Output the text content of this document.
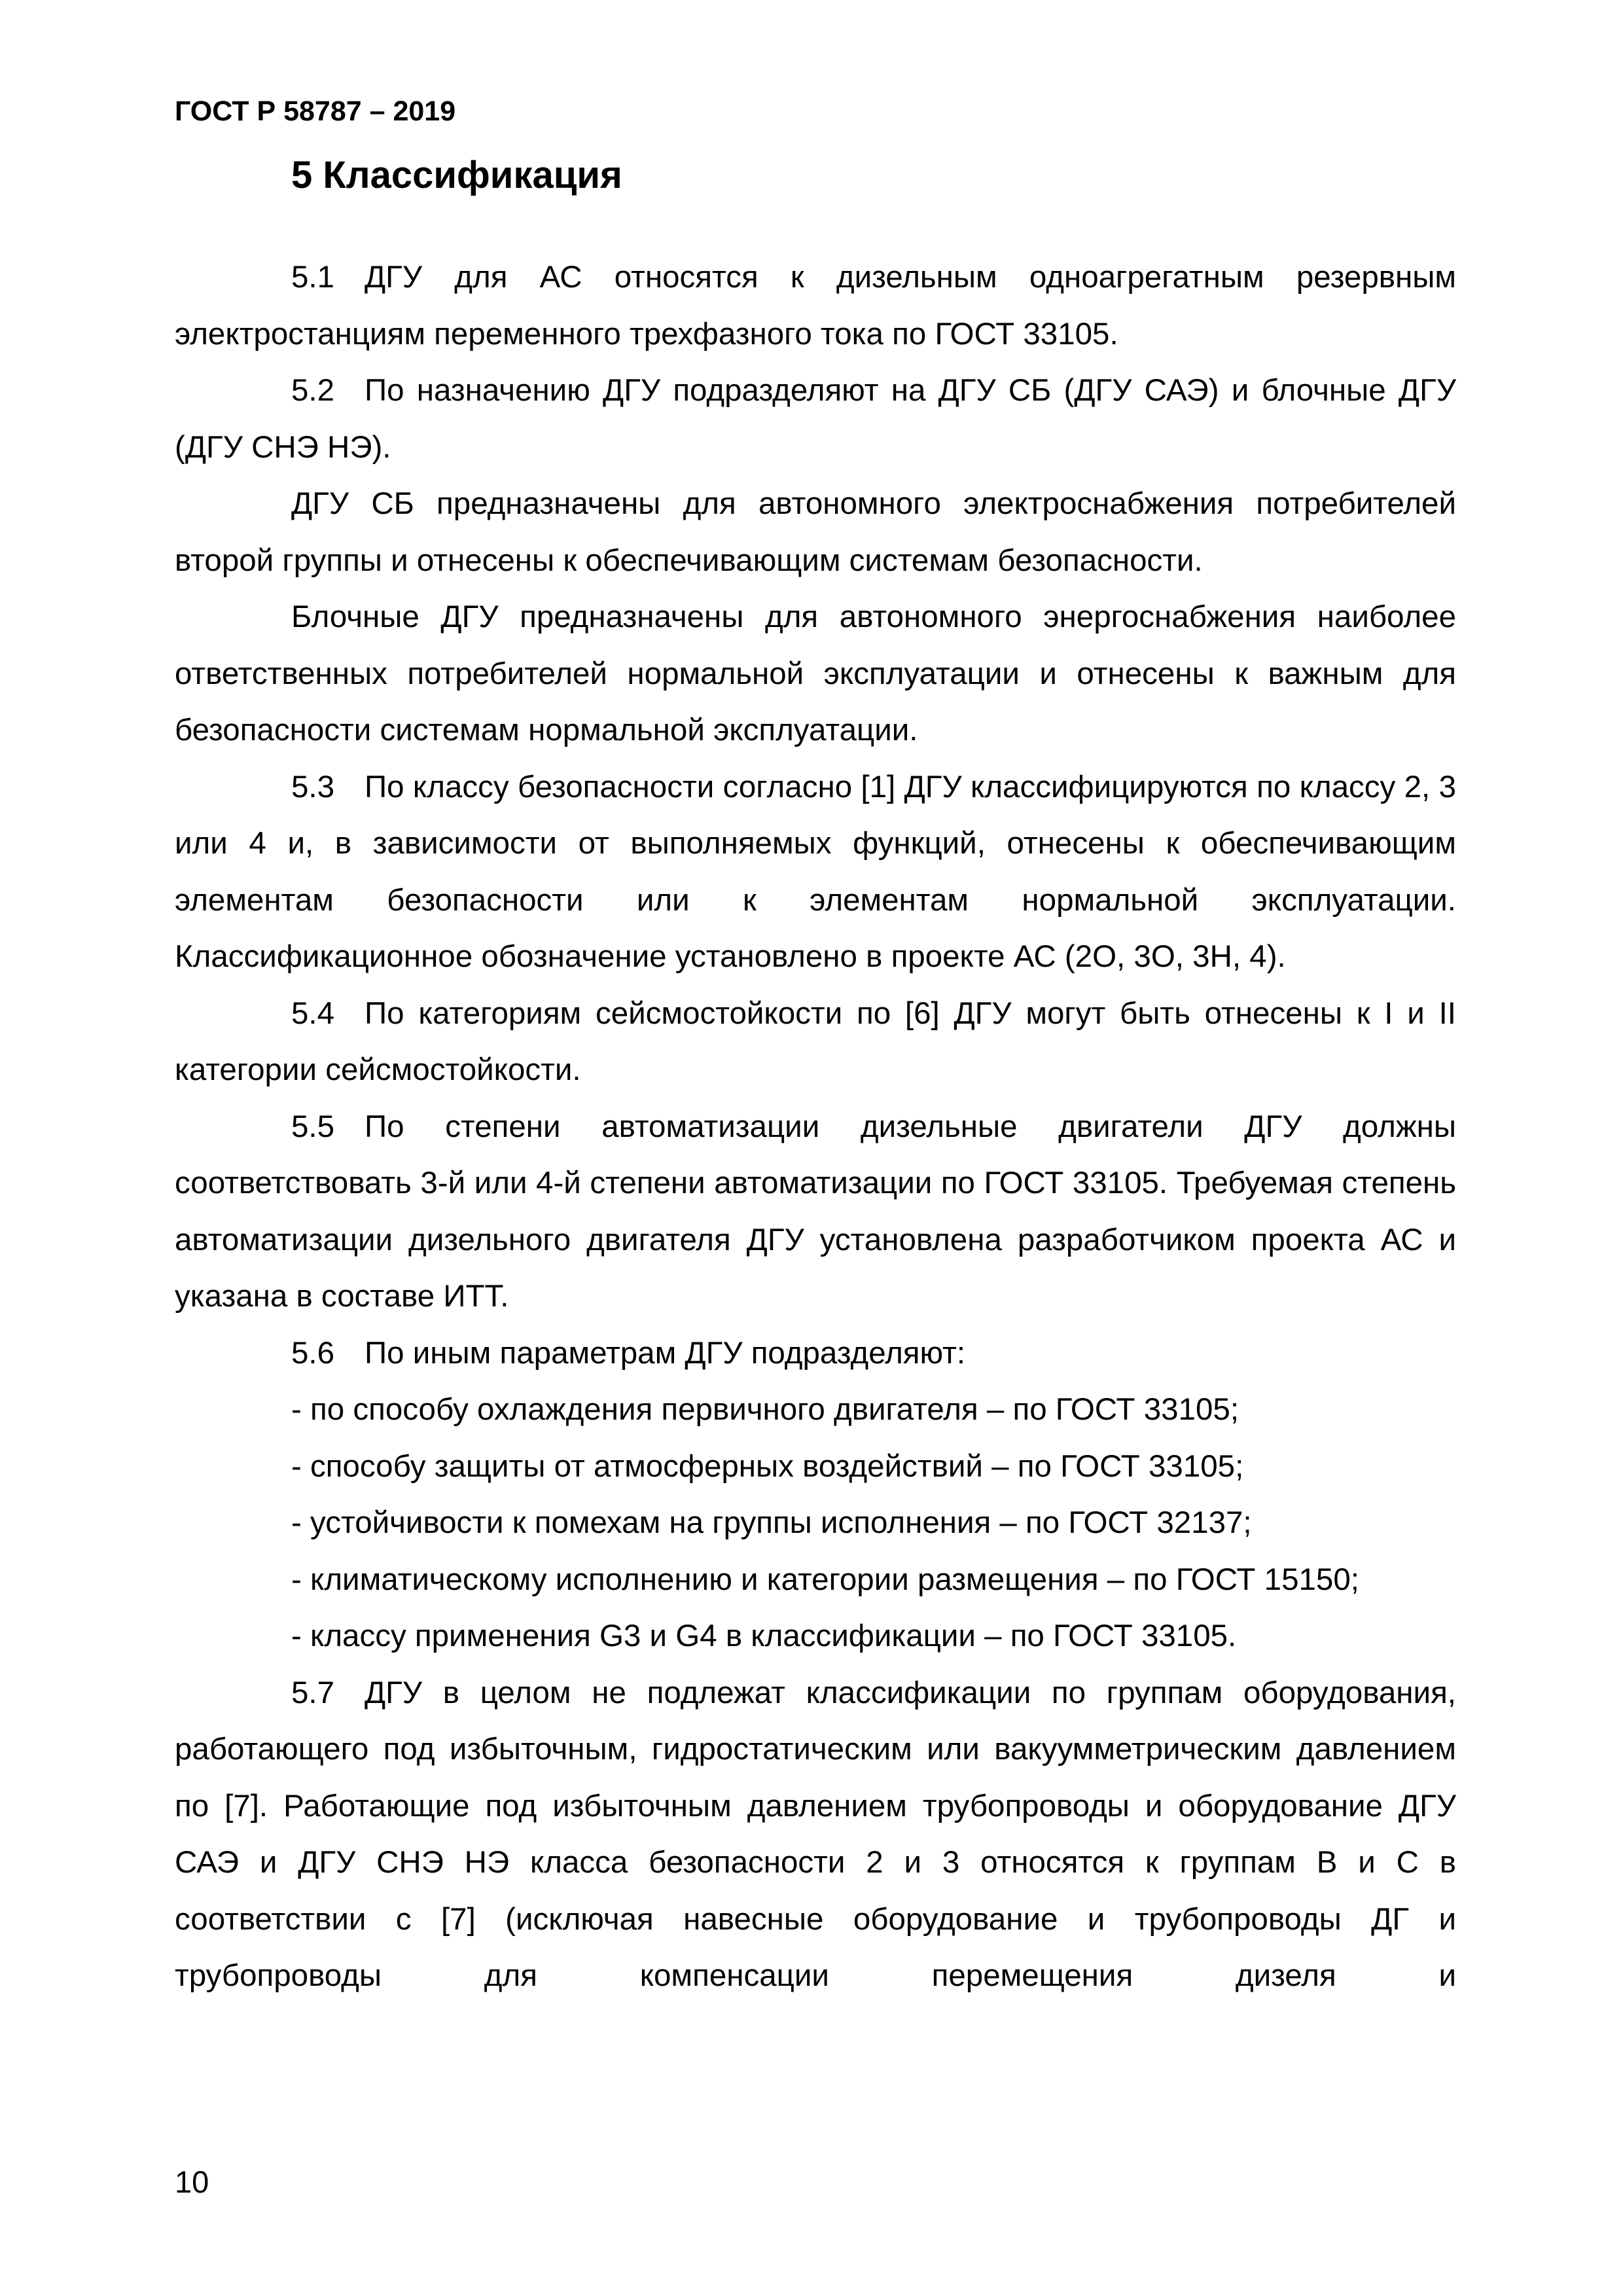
ГОСТ Р 58787 – 2019
5 Классификация

5.1 ДГУ для АС относятся к дизельным одноагрегатным резервным электростанциям переменного трехфазного тока по ГОСТ 33105.

5.2 По назначению ДГУ подразделяют на ДГУ СБ (ДГУ САЭ) и блочные ДГУ (ДГУ СНЭ НЭ).

ДГУ СБ предназначены для автономного электроснабжения потребителей второй группы и отнесены к обеспечивающим системам безопасности.

Блочные ДГУ предназначены для автономного энергоснабжения наиболее ответственных потребителей нормальной эксплуатации и отнесены к важным для безопасности системам нормальной эксплуатации.

5.3 По классу безопасности согласно [1] ДГУ классифицируются по классу 2, 3 или 4 и, в зависимости от выполняемых функций, отнесены к обеспечивающим элементам безопасности или к элементам нормальной эксплуатации. Классификационное обозначение установлено в проекте АС (2О, 3О, 3Н, 4).

5.4 По категориям сейсмостойкости по [6] ДГУ могут быть отнесены к I и II категории сейсмостойкости.

5.5 По степени автоматизации дизельные двигатели ДГУ должны соответствовать 3-й или 4-й степени автоматизации по ГОСТ 33105. Требуемая степень автоматизации дизельного двигателя ДГУ установлена разработчиком проекта АС и указана в составе ИТТ.

5.6 По иным параметрам ДГУ подразделяют:

- по способу охлаждения первичного двигателя – по ГОСТ 33105;

- способу защиты от атмосферных воздействий – по ГОСТ 33105;

- устойчивости к помехам на группы исполнения – по ГОСТ 32137;

- климатическому исполнению и категории размещения – по ГОСТ 15150;

- классу применения G3 и G4 в классификации – по ГОСТ 33105.

5.7 ДГУ в целом не подлежат классификации по группам оборудования, работающего под избыточным, гидростатическим или вакуумметрическим давлением по [7]. Работающие под избыточным давлением трубопроводы и оборудование ДГУ САЭ и ДГУ СНЭ НЭ класса безопасности 2 и 3 относятся к группам В и С в соответствии с [7] (исключая навесные оборудование и трубопроводы ДГ и трубопроводы для компенсации перемещения дизеля и

10
